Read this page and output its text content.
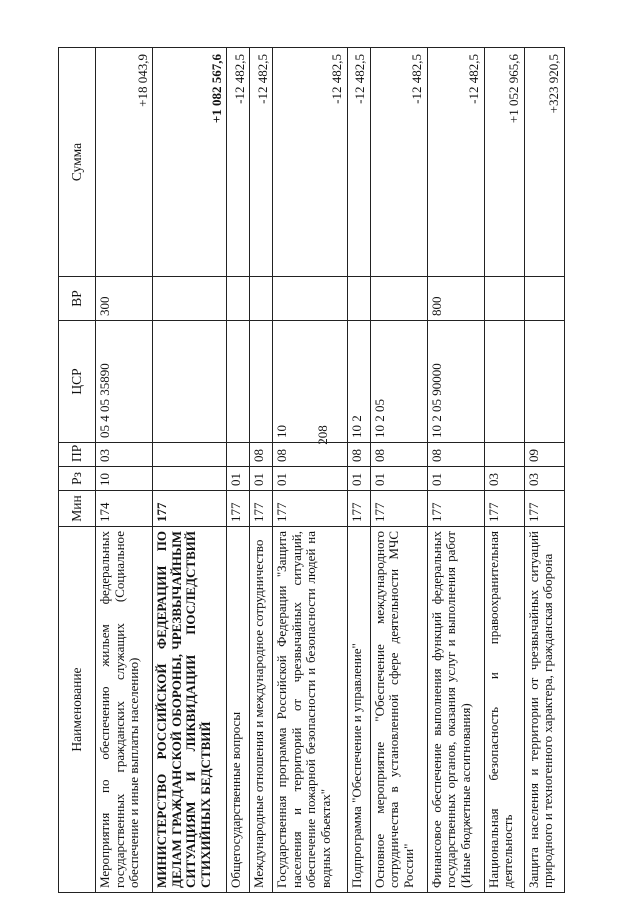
208
Наименование	Мин	Рз	ПР	ЦСР	ВР	Сумма
Мероприятия по обеспечению жильем федеральных государственных гражданских служащих (Социальное обеспечение и иные выплаты населению)	174	10	03	05 4 05 35890	300	+18 043,9
МИНИСТЕРСТВО РОССИЙСКОЙ ФЕДЕРАЦИИ ПО ДЕЛАМ ГРАЖДАНСКОЙ ОБОРОНЫ, ЧРЕЗВЫЧАЙНЫМ СИТУАЦИЯМ И ЛИКВИДАЦИИ ПОСЛЕДСТВИЙ СТИХИЙНЫХ БЕДСТВИЙ	177					+1 082 567,6
Общегосударственные вопросы	177	01				-12 482,5
Международные отношения и международное сотрудничество	177	01	08			-12 482,5
Государственная программа Российской Федерации "Защита населения и территорий от чрезвычайных ситуаций, обеспечение пожарной безопасности и безопасности людей на водных объектах"	177	01	08	10		-12 482,5
Подпрограмма "Обеспечение и управление"	177	01	08	10 2		-12 482,5
Основное мероприятие "Обеспечение международного сотрудничества в установленной сфере деятельности МЧС России"	177	01	08	10 2 05		-12 482,5
Финансовое обеспечение выполнения функций федеральных государственных органов, оказания услуг и выполнения работ (Иные бюджетные ассигнования)	177	01	08	10 2 05 90000	800	-12 482,5
Национальная безопасность и правоохранительная деятельность	177	03				+1 052 965,6
Защита населения и территории от чрезвычайных ситуаций природного и техногенного характера, гражданская оборона	177	03	09			+323 920,5
